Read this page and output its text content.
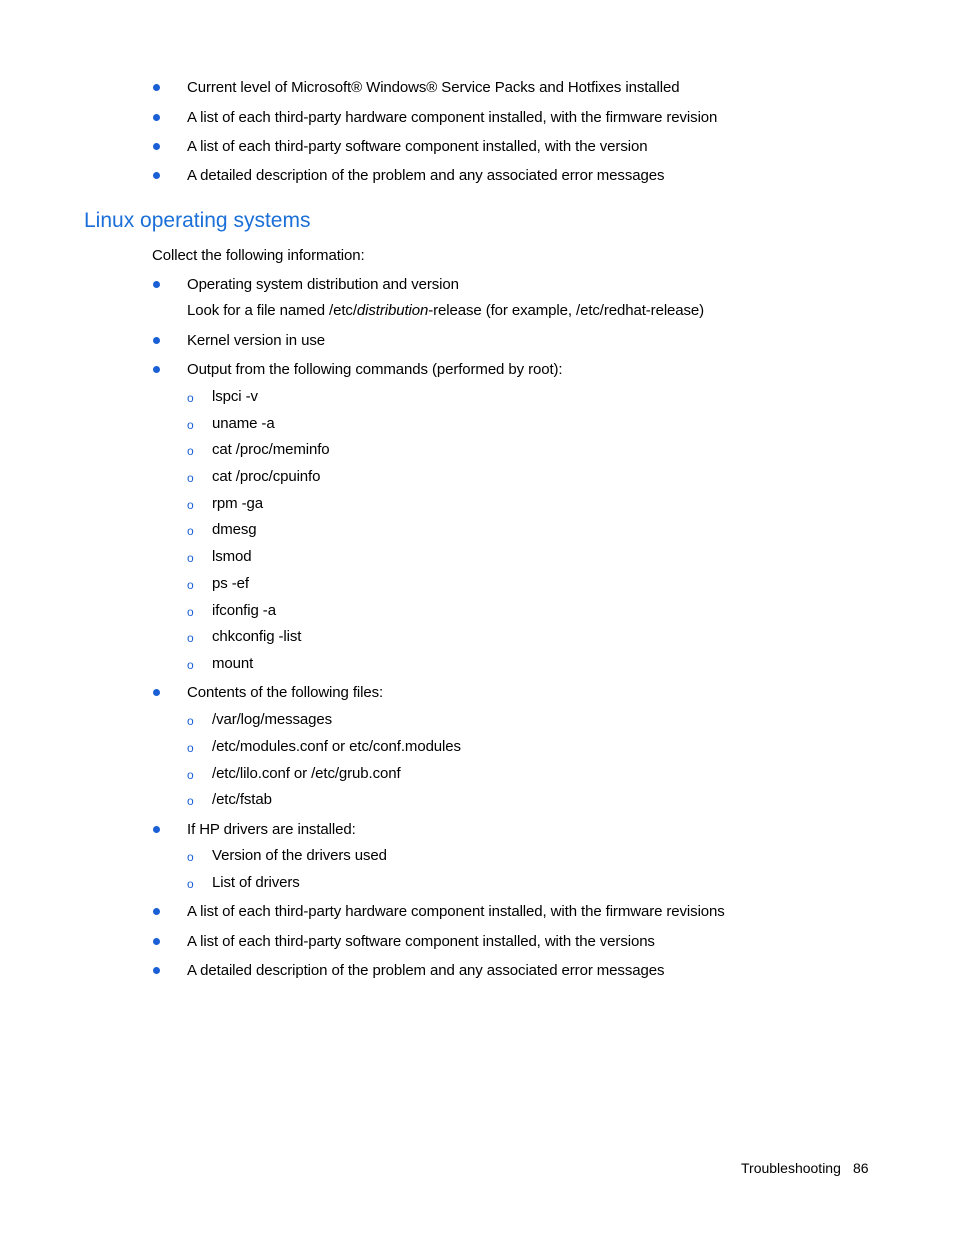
Current level of Microsoft® Windows® Service Packs and Hotfixes installed
A list of each third-party hardware component installed, with the firmware revision
A list of each third-party software component installed, with the version
A detailed description of the problem and any associated error messages
Linux operating systems
Collect the following information:
Operating system distribution and version
Look for a file named /etc/distribution-release (for example, /etc/redhat-release)
Kernel version in use
Output from the following commands (performed by root):
o lspci -v
o uname -a
o cat /proc/meminfo
o cat /proc/cpuinfo
o rpm -ga
o dmesg
o lsmod
o ps -ef
o ifconfig -a
o chkconfig -list
o mount
Contents of the following files:
o /var/log/messages
o /etc/modules.conf or etc/conf.modules
o /etc/lilo.conf or /etc/grub.conf
o /etc/fstab
If HP drivers are installed:
o Version of the drivers used
o List of drivers
A list of each third-party hardware component installed, with the firmware revisions
A list of each third-party software component installed, with the versions
A detailed description of the problem and any associated error messages
Troubleshooting 86
